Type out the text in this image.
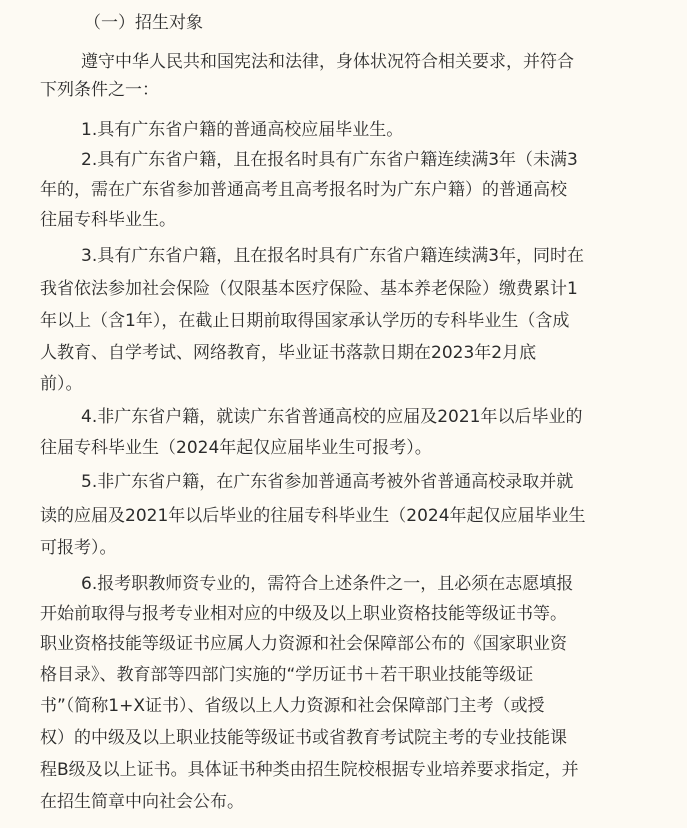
（一）招生对象
遵守中华人民共和国宪法和法律，身体状况符合相关要求，并符合
下列条件之一：
1.具有广东省户籍的普通高校应届毕业生。
2.具有广东省户籍，且在报名时具有广东省户籍连续满3年（未满3
年的，需在广东省参加普通高考且高考报名时为广东户籍）的普通高校
往届专科毕业生。
3.具有广东省户籍，且在报名时具有广东省户籍连续满3年，同时在
我省依法参加社会保险（仅限基本医疗保险、基本养老保险）缴费累计1
年以上（含1年），在截止日期前取得国家承认学历的专科毕业生（含成
人教育、自学考试、网络教育，毕业证书落款日期在2023年2月底
前）。
4.非广东省户籍，就读广东省普通高校的应届及2021年以后毕业的
往届专科毕业生（2024年起仅应届毕业生可报考）。
5.非广东省户籍，在广东省参加普通高考被外省普通高校录取并就
读的应届及2021年以后毕业的往届专科毕业生（2024年起仅应届毕业生
可报考）。
6.报考职教师资专业的，需符合上述条件之一，且必须在志愿填报
开始前取得与报考专业相对应的中级及以上职业资格技能等级证书等。
职业资格技能等级证书应属人力资源和社会保障部公布的《国家职业资
格目录》、教育部等四部门实施的“学历证书＋若干职业技能等级证
书”（简称1+X证书）、省级以上人力资源和社会保障部门主考（或授
权）的中级及以上职业技能等级证书或省教育考试院主考的专业技能课
程B级及以上证书。具体证书种类由招生院校根据专业培养要求指定，并
在招生简章中向社会公布。
